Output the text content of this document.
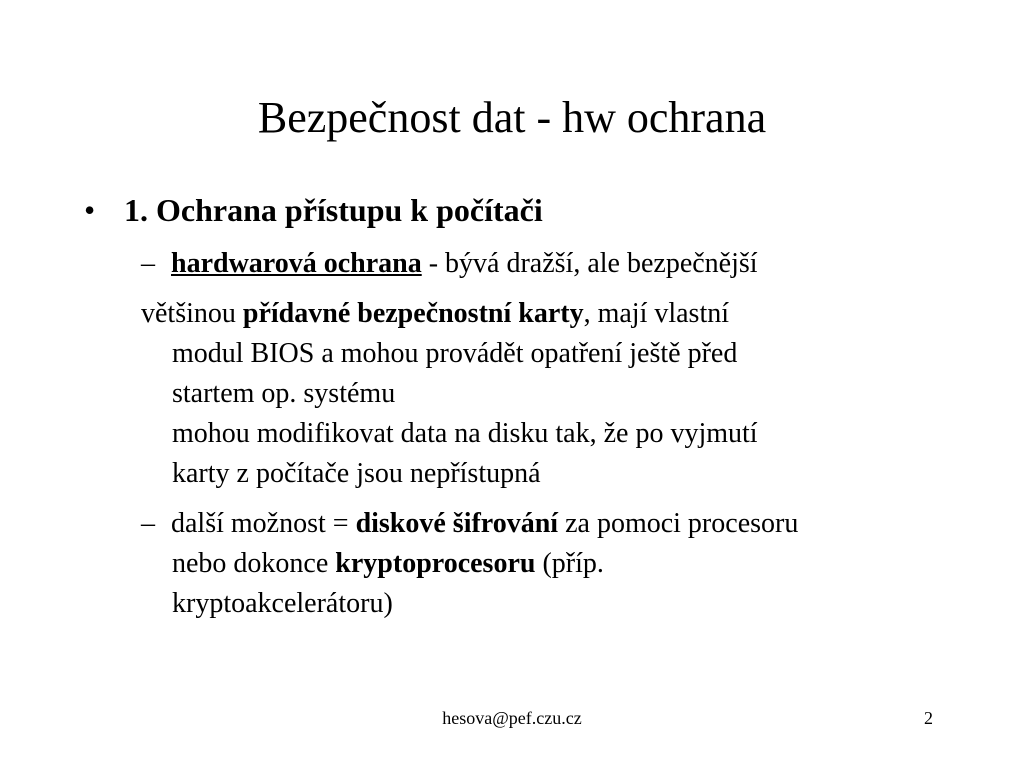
Bezpečnost dat - hw ochrana
• 1. Ochrana přístupu k počítači
– hardwarová ochrana - bývá dražší, ale bezpečnější
většinou přídavné bezpečnostní karty, mají vlastní
modul BIOS a mohou provádět opatření ještě před
startem op. systému
mohou modifikovat data na disku tak, že po vyjmutí
karty z počítače jsou nepřístupná
– další možnost = diskové šifrování za pomoci procesoru
nebo dokonce kryptoprocesoru (příp.
kryptoakcelerátoru)
hesova@pef.czu.cz	2
